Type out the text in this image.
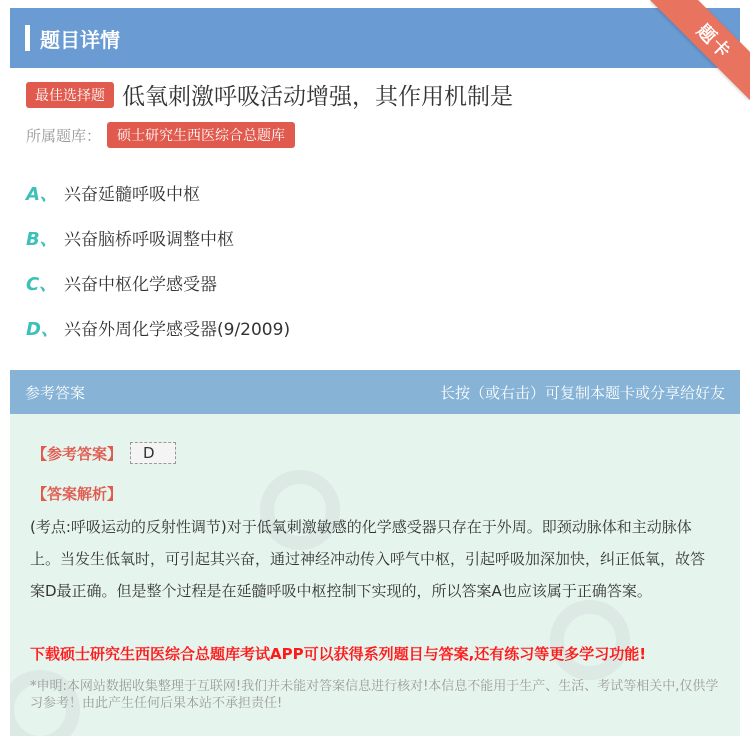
题目详情	题卡
最佳选择题 低氧刺激呼吸活动增强，其作用机制是
所属题库：	硕士研究生西医综合总题库
A、 兴奋延髓呼吸中枢
B、 兴奋脑桥呼吸调整中枢
C、 兴奋中枢化学感受器
D、 兴奋外周化学感受器(9/2009)
参考答案	长按（或右击）可复制本题卡或分享给好友
【参考答案】	D
【答案解析】
(考点:呼吸运动的反射性调节)对于低氧刺激敏感的化学感受器只存在于外周。即颈动脉体和主动脉体上。当发生低氧时，可引起其兴奋，通过神经冲动传入呼气中枢，引起呼吸加深加快，纠正低氧，故答案D最正确。但是整个过程是在延髓呼吸中枢控制下实现的，所以答案A也应该属于正确答案。
下载硕士研究生西医综合总题库考试APP可以获得系列题目与答案,还有练习等更多学习功能!
*申明:本网站数据收集整理于互联网!我们并未能对答案信息进行核对!本信息不能用于生产、生活、考试等相关中,仅供学习参考！由此产生任何后果本站不承担责任!
